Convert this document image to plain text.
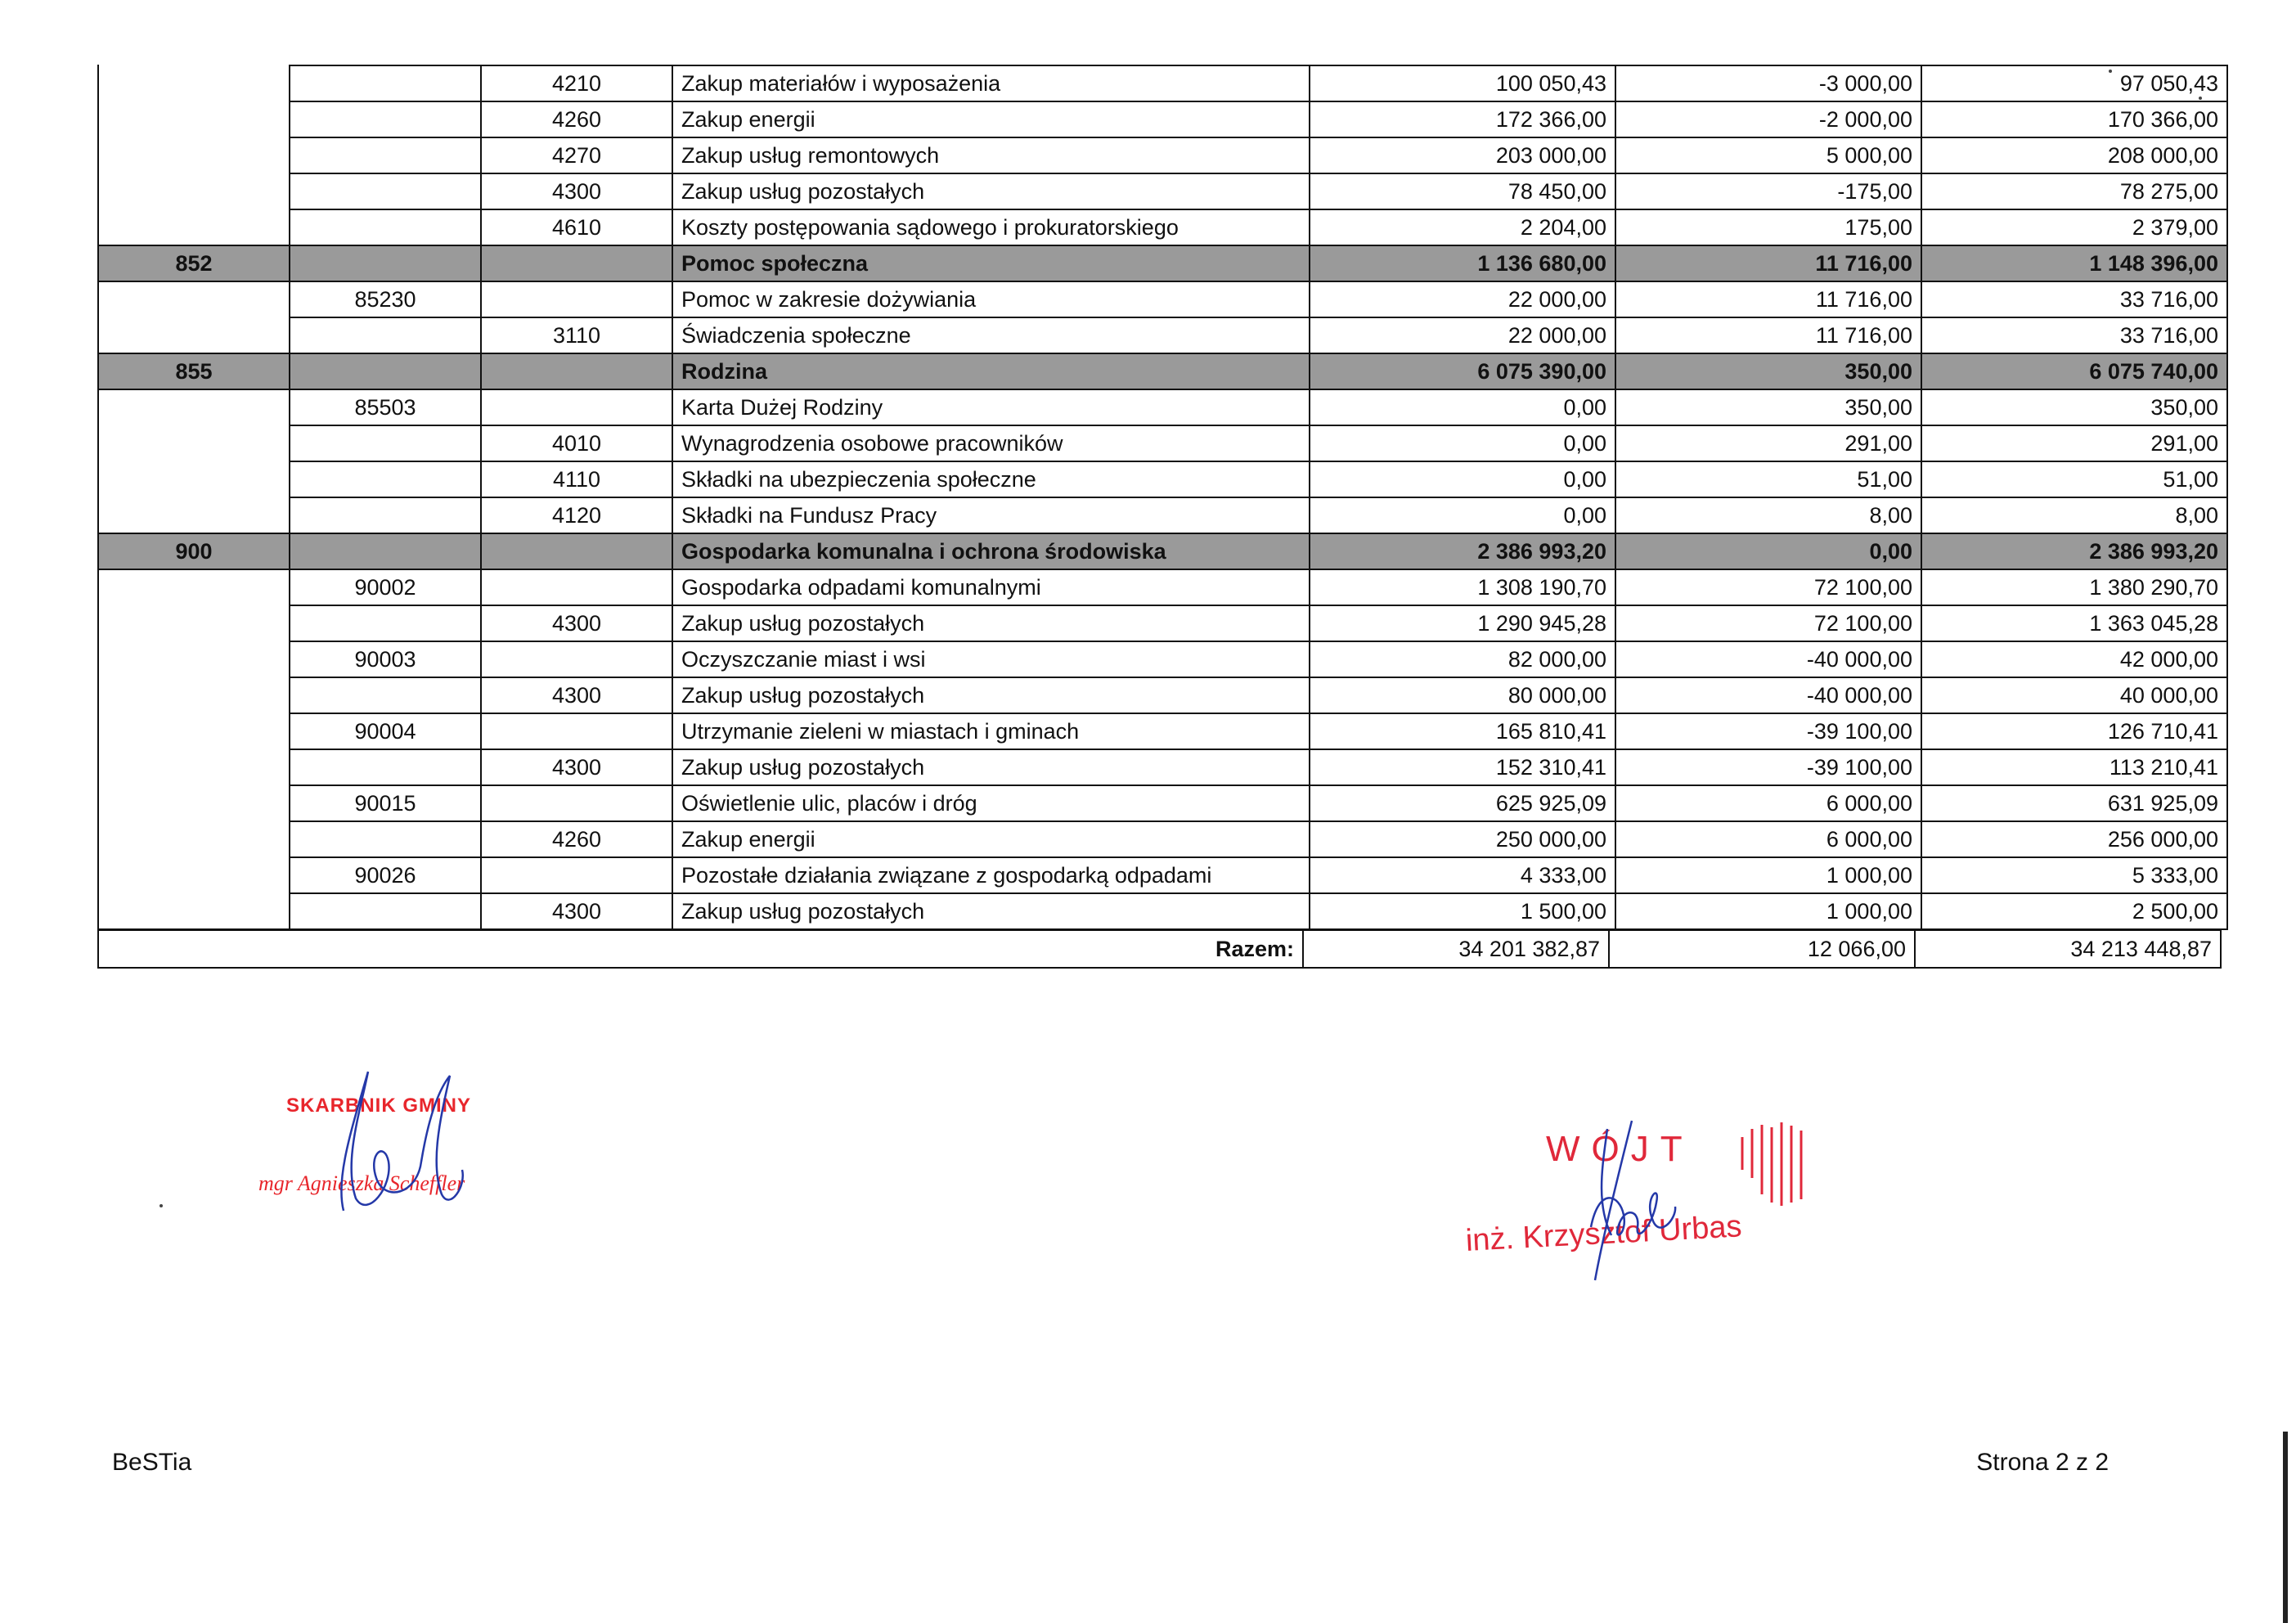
		4210	Zakup materiałów i wyposażenia	100 050,43	-3 000,00	97 050,43
		4260	Zakup energii	172 366,00	-2 000,00	170 366,00
		4270	Zakup usług remontowych	203 000,00	5 000,00	208 000,00
		4300	Zakup usług pozostałych	78 450,00	-175,00	78 275,00
		4610	Koszty postępowania sądowego i prokuratorskiego	2 204,00	175,00	2 379,00
852			Pomoc społeczna	1 136 680,00	11 716,00	1 148 396,00
	85230		Pomoc w zakresie dożywiania	22 000,00	11 716,00	33 716,00
		3110	Świadczenia społeczne	22 000,00	11 716,00	33 716,00
855			Rodzina	6 075 390,00	350,00	6 075 740,00
	85503		Karta Dużej Rodziny	0,00	350,00	350,00
		4010	Wynagrodzenia osobowe pracowników	0,00	291,00	291,00
		4110	Składki na ubezpieczenia społeczne	0,00	51,00	51,00
		4120	Składki na Fundusz Pracy	0,00	8,00	8,00
900			Gospodarka komunalna i ochrona środowiska	2 386 993,20	0,00	2 386 993,20
	90002		Gospodarka odpadami komunalnymi	1 308 190,70	72 100,00	1 380 290,70
		4300	Zakup usług pozostałych	1 290 945,28	72 100,00	1 363 045,28
	90003		Oczyszczanie miast i wsi	82 000,00	-40 000,00	42 000,00
		4300	Zakup usług pozostałych	80 000,00	-40 000,00	40 000,00
	90004		Utrzymanie zieleni w miastach i gminach	165 810,41	-39 100,00	126 710,41
		4300	Zakup usług pozostałych	152 310,41	-39 100,00	113 210,41
	90015		Oświetlenie ulic, placów i dróg	625 925,09	6 000,00	631 925,09
		4260	Zakup energii	250 000,00	6 000,00	256 000,00
	90026		Pozostałe działania związane z gospodarką odpadami	4 333,00	1 000,00	5 333,00
		4300	Zakup usług pozostałych	1 500,00	1 000,00	2 500,00
Razem:	34 201 382,87	12 066,00	34 213 448,87
SKARBNIK GMINY
mgr Agnieszka Scheffler
WÓJT
inż. Krzysztof Urbas
BeSTia	Strona 2 z 2
